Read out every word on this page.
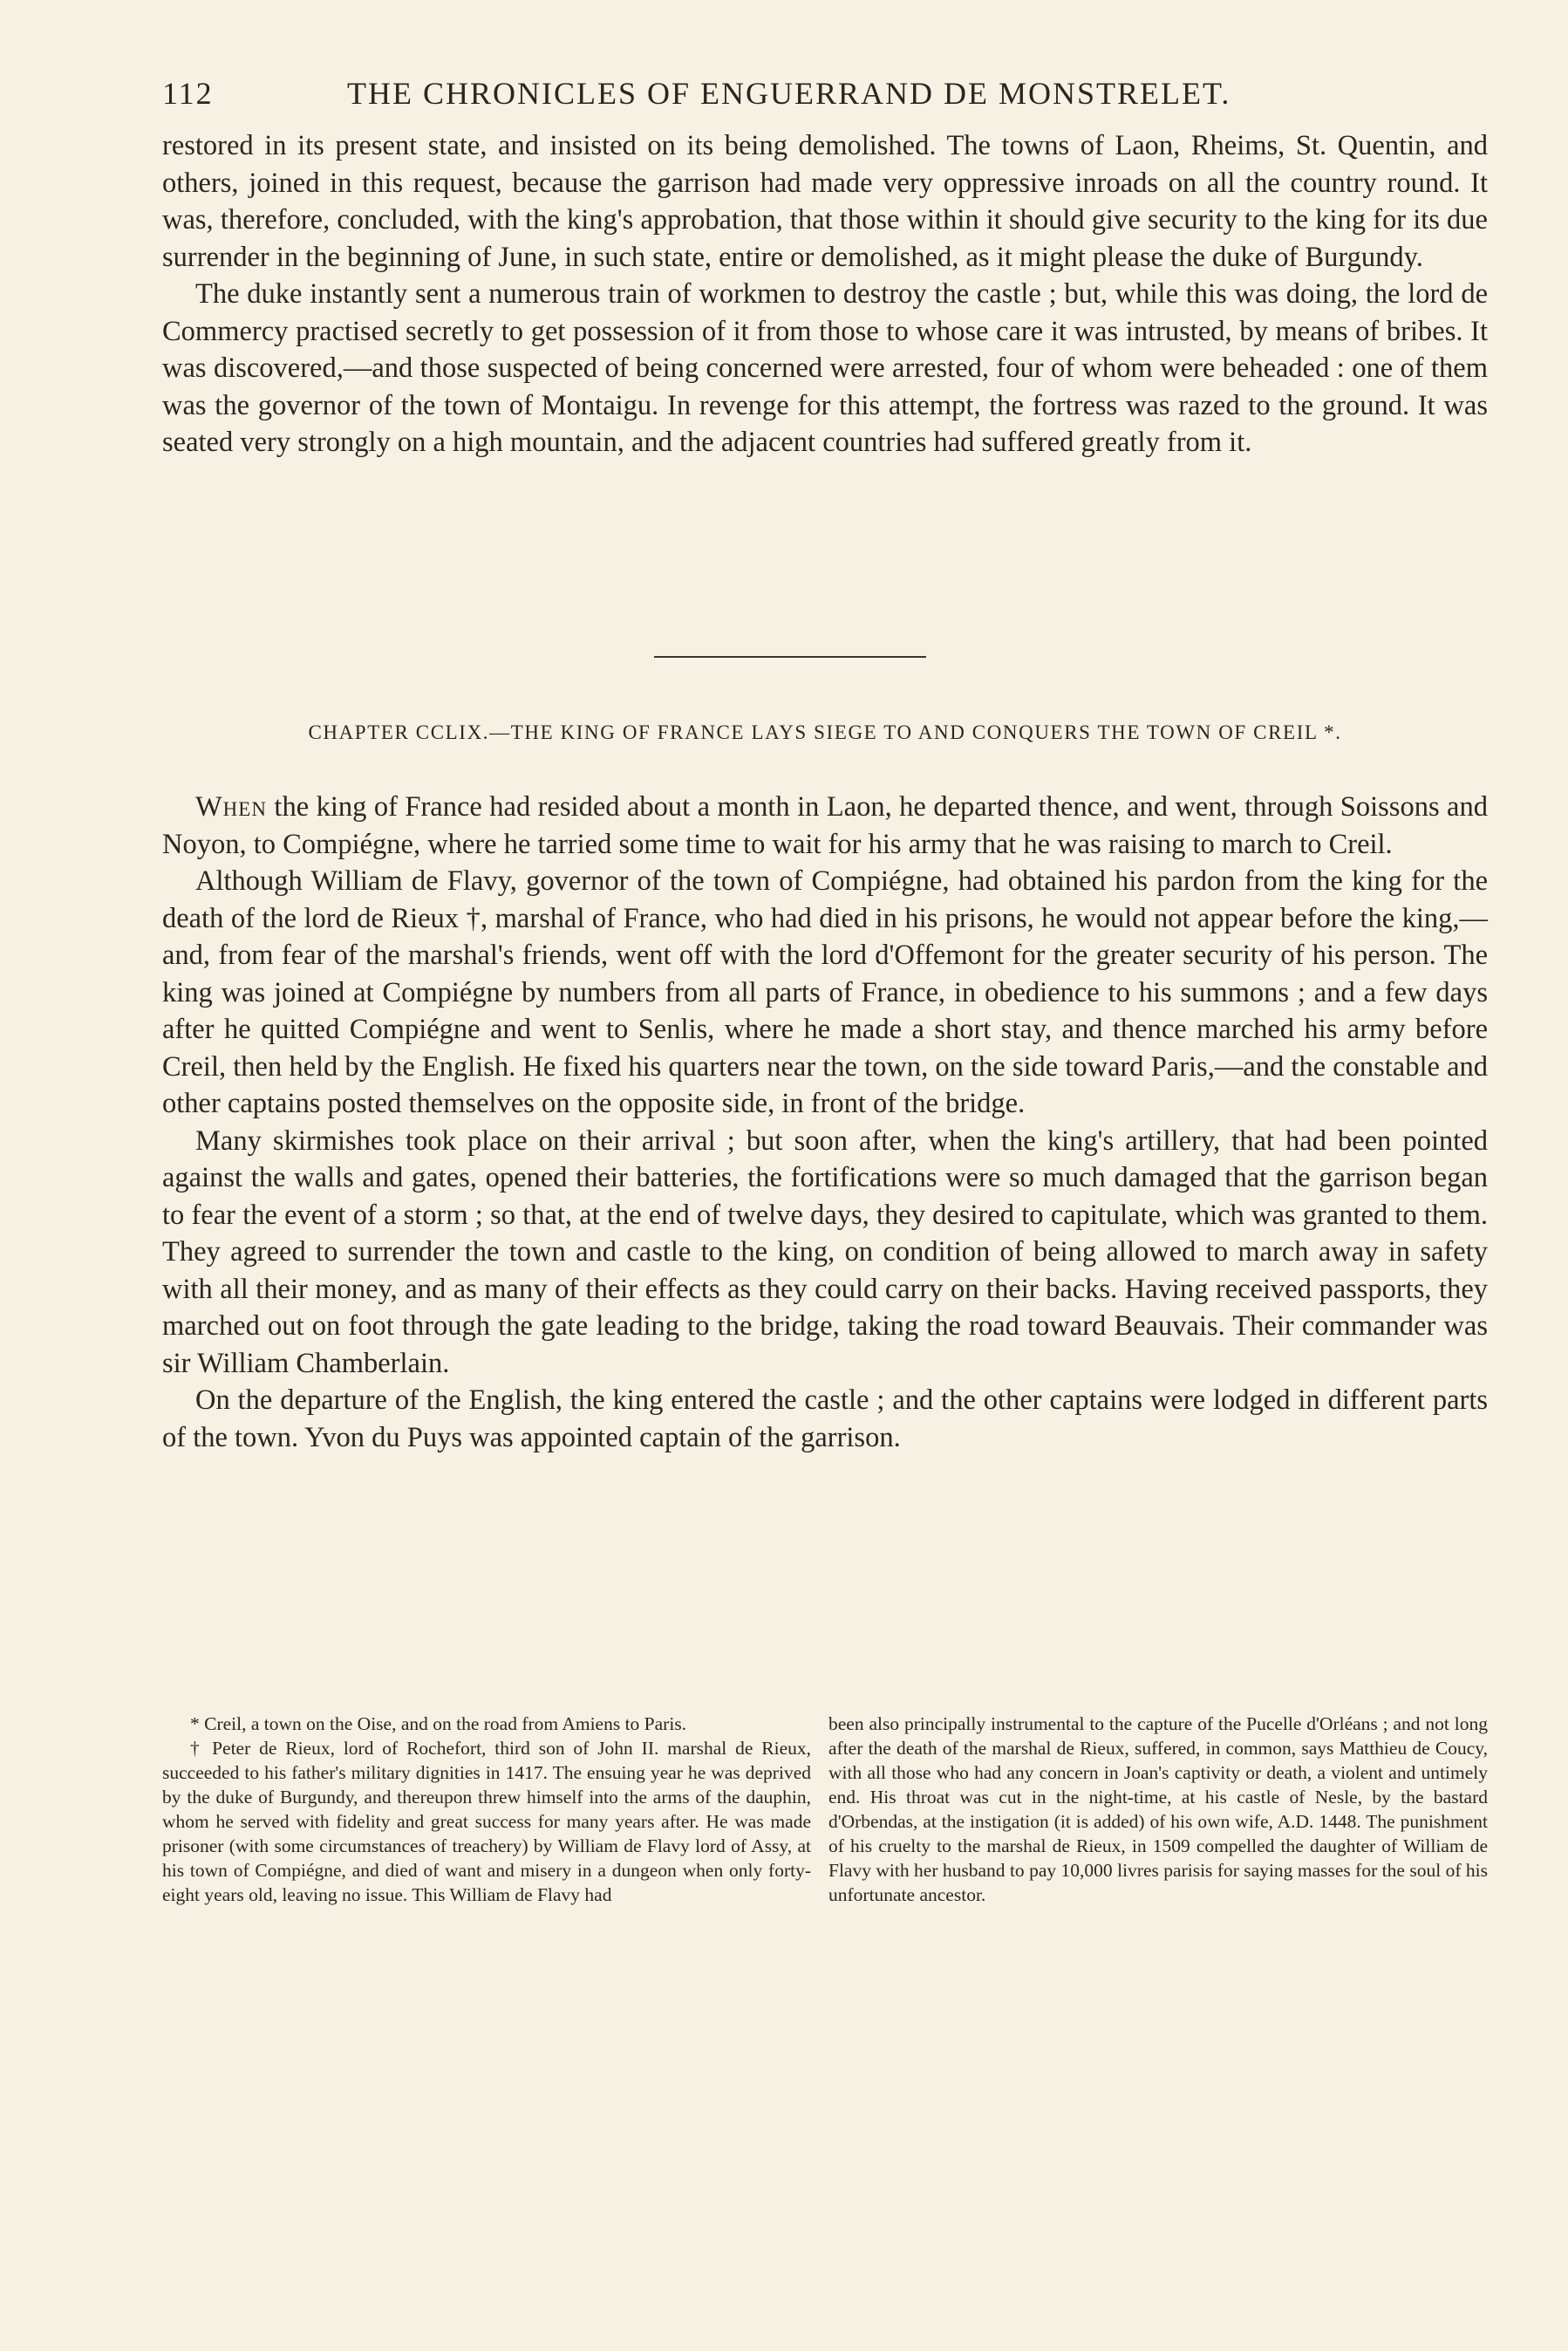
112	THE CHRONICLES OF ENGUERRAND DE MONSTRELET.

restored in its present state, and insisted on its being demolished. The towns of Laon, Rheims, St. Quentin, and others, joined in this request, because the garrison had made very oppressive inroads on all the country round. It was, therefore, concluded, with the king's approbation, that those within it should give security to the king for its due surrender in the beginning of June, in such state, entire or demolished, as it might please the duke of Burgundy.

The duke instantly sent a numerous train of workmen to destroy the castle ; but, while this was doing, the lord de Commercy practised secretly to get possession of it from those to whose care it was intrusted, by means of bribes. It was discovered,—and those suspected of being concerned were arrested, four of whom were beheaded : one of them was the governor of the town of Montaigu. In revenge for this attempt, the fortress was razed to the ground. It was seated very strongly on a high mountain, and the adjacent countries had suffered greatly from it.

CHAPTER CCLIX.—THE KING OF FRANCE LAYS SIEGE TO AND CONQUERS THE TOWN OF CREIL *.

When the king of France had resided about a month in Laon, he departed thence, and went, through Soissons and Noyon, to Compiégne, where he tarried some time to wait for his army that he was raising to march to Creil.

Although William de Flavy, governor of the town of Compiégne, had obtained his pardon from the king for the death of the lord de Rieux †, marshal of France, who had died in his prisons, he would not appear before the king,—and, from fear of the marshal's friends, went off with the lord d'Offemont for the greater security of his person. The king was joined at Compiégne by numbers from all parts of France, in obedience to his summons ; and a few days after he quitted Compiégne and went to Senlis, where he made a short stay, and thence marched his army before Creil, then held by the English. He fixed his quarters near the town, on the side toward Paris,—and the constable and other captains posted themselves on the opposite side, in front of the bridge.

Many skirmishes took place on their arrival ; but soon after, when the king's artillery, that had been pointed against the walls and gates, opened their batteries, the fortifications were so much damaged that the garrison began to fear the event of a storm ; so that, at the end of twelve days, they desired to capitulate, which was granted to them. They agreed to surrender the town and castle to the king, on condition of being allowed to march away in safety with all their money, and as many of their effects as they could carry on their backs. Having received passports, they marched out on foot through the gate leading to the bridge, taking the road toward Beauvais. Their commander was sir William Chamberlain.

On the departure of the English, the king entered the castle ; and the other captains were lodged in different parts of the town. Yvon du Puys was appointed captain of the garrison.

* Creil, a town on the Oise, and on the road from Amiens to Paris.

† Peter de Rieux, lord of Rochefort, third son of John II. marshal de Rieux, succeeded to his father's military dignities in 1417. The ensuing year he was deprived by the duke of Burgundy, and thereupon threw himself into the arms of the dauphin, whom he served with fidelity and great success for many years after. He was made prisoner (with some circumstances of treachery) by William de Flavy lord of Assy, at his town of Compiégne, and died of want and misery in a dungeon when only forty-eight years old, leaving no issue. This William de Flavy had

been also principally instrumental to the capture of the Pucelle d'Orléans ; and not long after the death of the marshal de Rieux, suffered, in common, says Matthieu de Coucy, with all those who had any concern in Joan's captivity or death, a violent and untimely end. His throat was cut in the night-time, at his castle of Nesle, by the bastard d'Orbendas, at the instigation (it is added) of his own wife, A.D. 1448. The punishment of his cruelty to the marshal de Rieux, in 1509 compelled the daughter of William de Flavy with her husband to pay 10,000 livres parisis for saying masses for the soul of his unfortunate ancestor.
